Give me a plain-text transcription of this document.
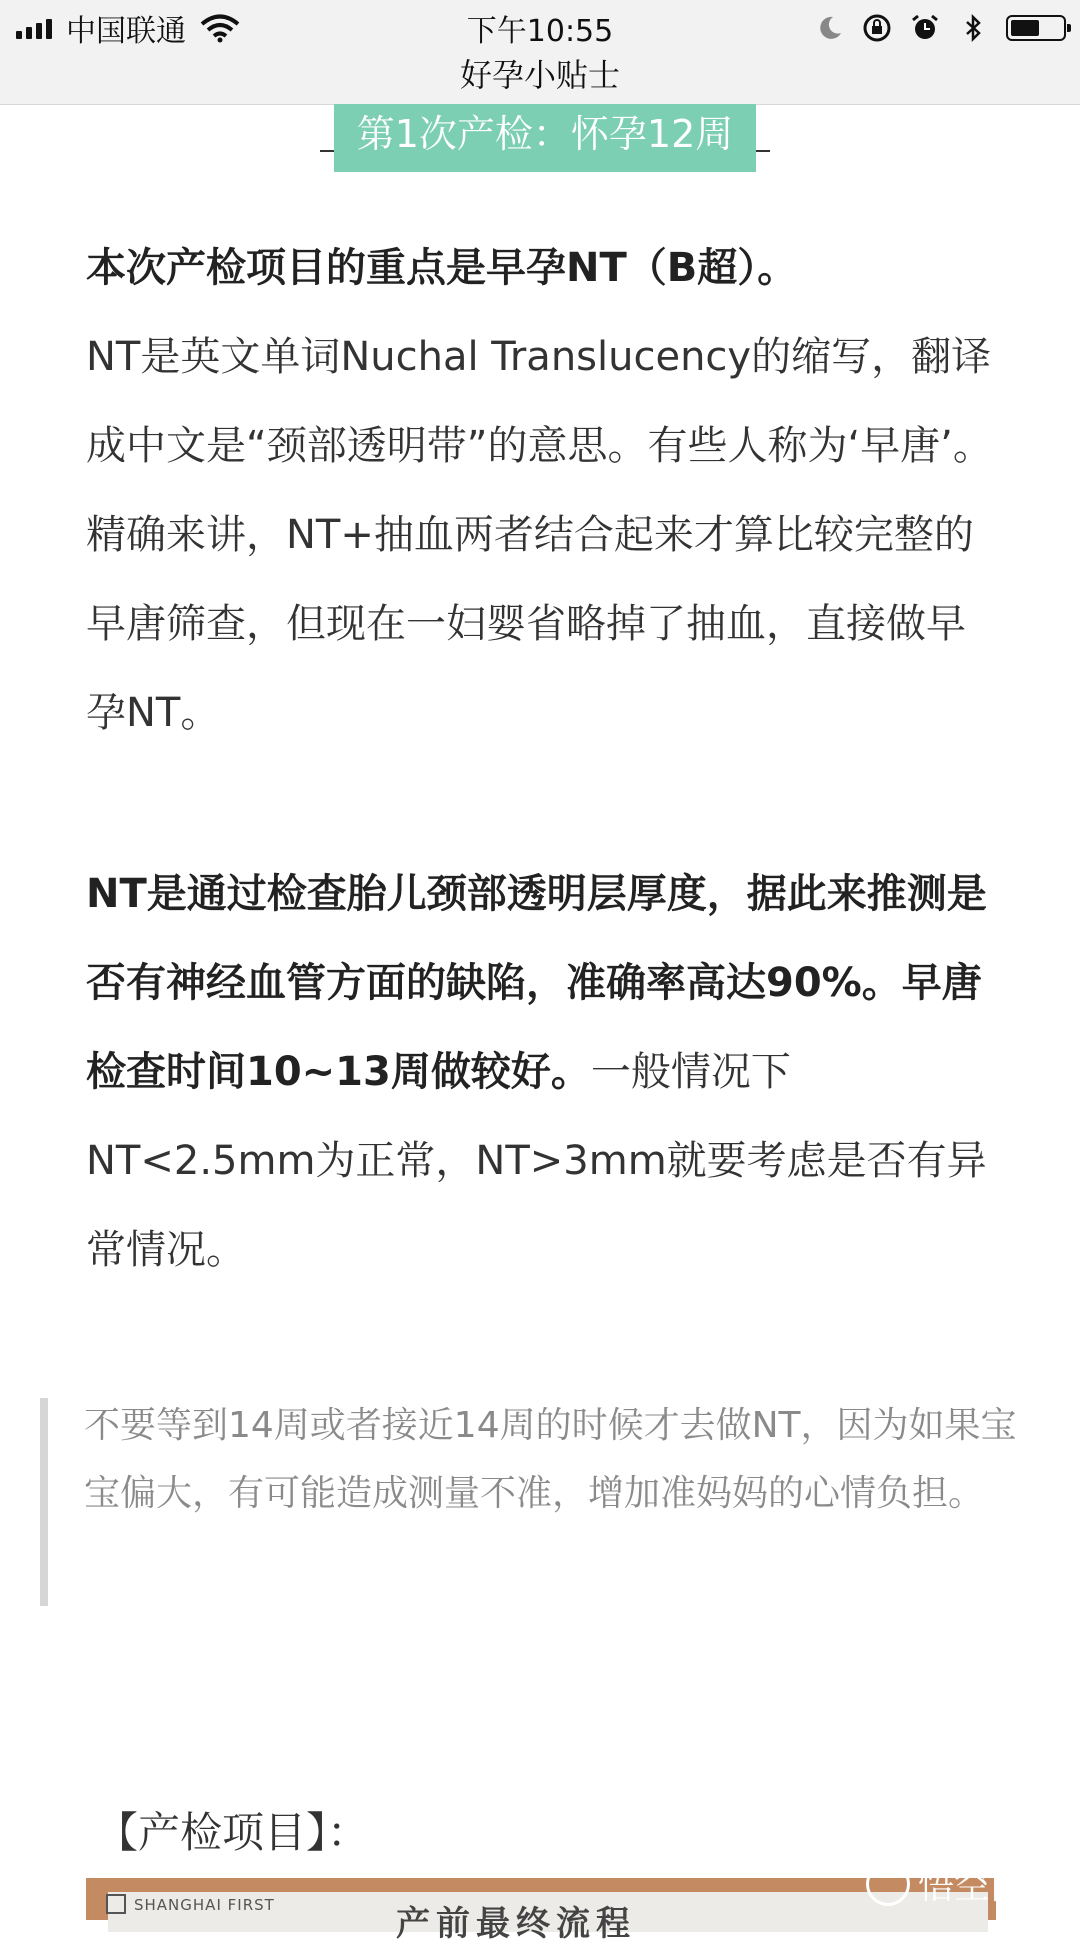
中国联通	下午10:55
好孕小贴士
第1次产检：怀孕12周

本次产检项目的重点是早孕NT（B超）。
NT是英文单词Nuchal Translucency的缩写，翻译成中文是“颈部透明带”的意思。有些人称为‘早唐’。精确来讲，NT+抽血两者结合起来才算比较完整的早唐筛查，但现在一妇婴省略掉了抽血，直接做早孕NT。

NT是通过检查胎儿颈部透明层厚度，据此来推测是否有神经血管方面的缺陷，准确率高达90%。早唐检查时间10~13周做较好。一般情况下NT<2.5mm为正常，NT>3mm就要考虑是否有异常情况。

不要等到14周或者接近14周的时候才去做NT，因为如果宝宝偏大，有可能造成测量不准，增加准妈妈的心情负担。

【产检项目】：

SHANGHAI FIRST	产前最终流程
悟空问答
